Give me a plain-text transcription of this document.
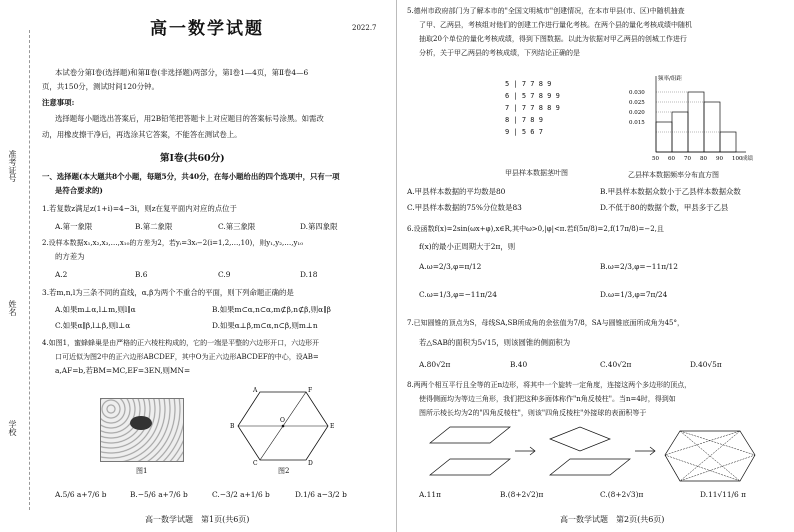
准考证号
姓名
学校
高一数学试题	2022.7
本试卷分第Ⅰ卷(选择题)和第Ⅱ卷(非选择题)两部分，第Ⅰ卷1—4页，第Ⅱ卷4—6
页，共150分，测试时间120分钟。
注意事项:
选择题每小题选出答案后，用2B铅笔把答题卡上对应题目的答案标号涂黑。如需改
动，用橡皮擦干净后，再选涂其它答案，不能答在测试卷上。
第Ⅰ卷(共60分)
一、选择题(本大题共8个小题，每题5分，共40分，在每小题给出的四个选项中，只有一项
是符合要求的)
1.若复数z满足z(1+i)=4−3i，则z在复平面内对应的点位于
A.第一象限	B.第二象限	C.第三象限	D.第四象限
2.设样本数据x₁,x₂,x₃,…,x₁₀的方差为2，若yᵢ=3xᵢ−2(i=1,2,…,10)，则y₁,y₂,…,y₁₀
的方差为
A.2	B.6	C.9	D.18
3.若m,n,l为三条不同的直线，α,β为两个不重合的平面，则下列命题正确的是
A.如果m⊥α,l⊥m,则l∥α	B.如果m⊂α,n⊂α,m⊄β,n⊄β,则α∥β
C.如果α∥β,l⊥β,则l⊥α	D.如果α⊥β,m⊂α,n⊂β,则m⊥n
4.如图1，蜜蜂蜂巢是由严格的正六棱柱构成的，它的一端是平整的六边形开口，六边形开
口可近似为图2中的正六边形ABCDEF，其中O为正六边形ABCDEF的中心，设AB=
a,AF=b,若BM=MC,EF=3EN,则MN=
图1
A	F
B	E
C	D
O
图2
A.5/6 a+7/6 b	B.−5/6 a+7/6 b	C.−3/2 a+1/6 b	D.1/6 a−3/2 b
高一数学试题　第1页(共6页)
5.德州市政府部门为了解本市的"全国文明城市"创建情况，在本市甲县(市、区)中随机抽查
了甲、乙两县，考核组对他们的创建工作进行量化考核。在两个县的量化考核成绩中随机
抽取20个单位的量化考核成绩，得到下图数据。以此为依据对甲乙两县的创城工作进行
分析，关于甲乙两县的考核成绩，下列结论正确的是
5 | 7 7 8 9
6 | 5 7 8 9 9
7 | 7 7 8 8 9
8 | 7 8 9
9 | 5 6 7
甲县样本数据茎叶图
0.030
0.025
0.020
0.015
50 60 70 80 90 100
频率/组距
成绩
乙县样本数据频率分布直方图
A.甲县样本数据的平均数是80	B.甲县样本数据众数小于乙县样本数据众数
C.甲县样本数据的75%分位数是83	D.不低于80的数据个数，甲县多于乙县
6.设函数f(x)=2sin(ωx+φ),x∈R,其中ω>0,|φ|<π.若f(5π/8)=2,f(17π/8)=−2,且
f(x)的最小正周期大于2π，则
A.ω=2/3,φ=π/12	B.ω=2/3,φ=−11π/12
C.ω=1/3,φ=−11π/24	D.ω=1/3,φ=7π/24
7.已知圆锥的顶点为S，母线SA,SB所成角的余弦值为7/8，SA与圆锥底面所成角为45°，
若△SAB的面积为5√15，则该圆锥的侧面积为
A.80√2π	B.40	C.40√2π	D.40√5π
8.两两个相互平行且全等的正n边形，将其中一个旋转一定角度，连接这两个多边形的顶点，
使得侧面均为等边三角形，我们把这种多面体称作"n角反棱柱"。当n=4时，得到如
图所示棱长均为2的"四角反棱柱"，则该"四角反棱柱"外接球的表面积等于
A.11π	B.(8+2√2)π	C.(8+2√3)π	D.11√11/6 π
高一数学试题　第2页(共6页)
